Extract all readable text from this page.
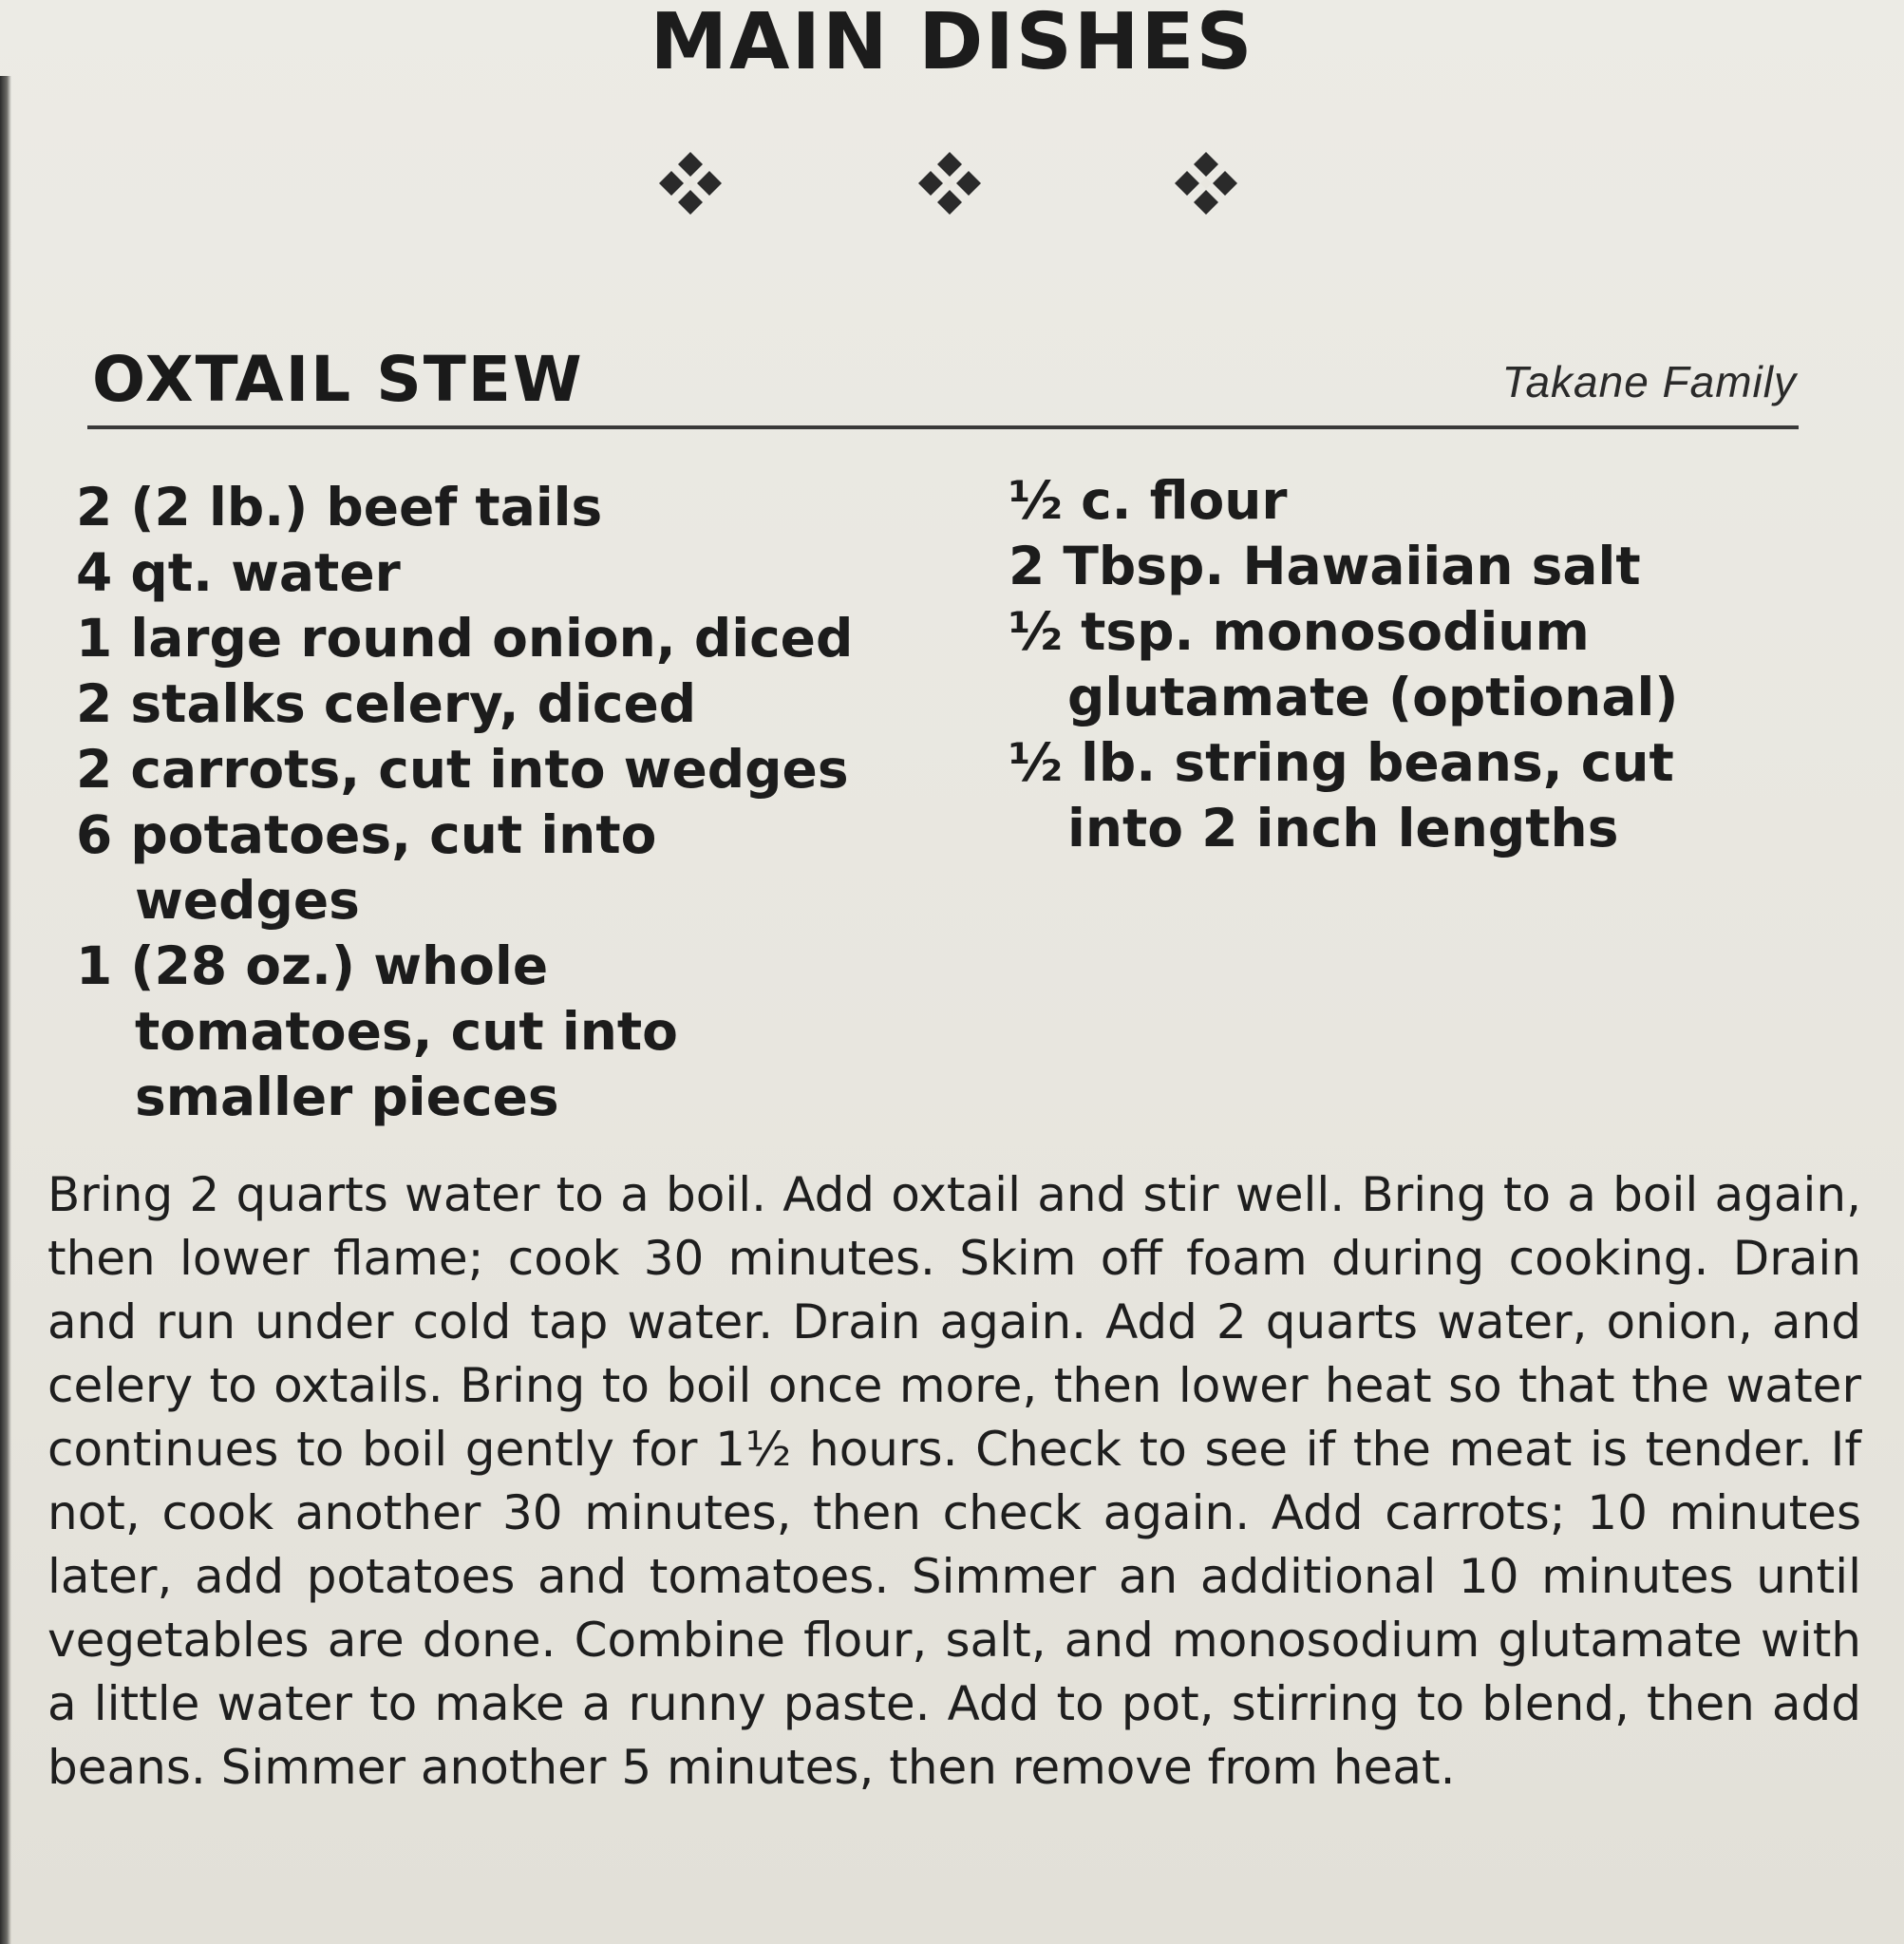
MAIN DISHES
OXTAIL STEW	Takane Family
2 (2 lb.) beef tails
4 qt. water
1 large round onion, diced
2 stalks celery, diced
2 carrots, cut into wedges
6 potatoes, cut into wedges
1 (28 oz.) whole tomatoes, cut into smaller pieces
½ c. flour
2 Tbsp. Hawaiian salt
½ tsp. monosodium glutamate (optional)
½ lb. string beans, cut into 2 inch lengths
Bring 2 quarts water to a boil. Add oxtail and stir well. Bring to a boil again, then lower flame; cook 30 minutes. Skim off foam during cooking. Drain and run under cold tap water. Drain again. Add 2 quarts water, onion, and celery to oxtails. Bring to boil once more, then lower heat so that the water continues to boil gently for 1½ hours. Check to see if the meat is tender. If not, cook another 30 minutes, then check again. Add carrots; 10 minutes later, add potatoes and tomatoes. Simmer an additional 10 minutes until vegetables are done. Combine flour, salt, and monosodium glutamate with a little water to make a runny paste. Add to pot, stirring to blend, then add beans. Simmer another 5 minutes, then remove from heat.
